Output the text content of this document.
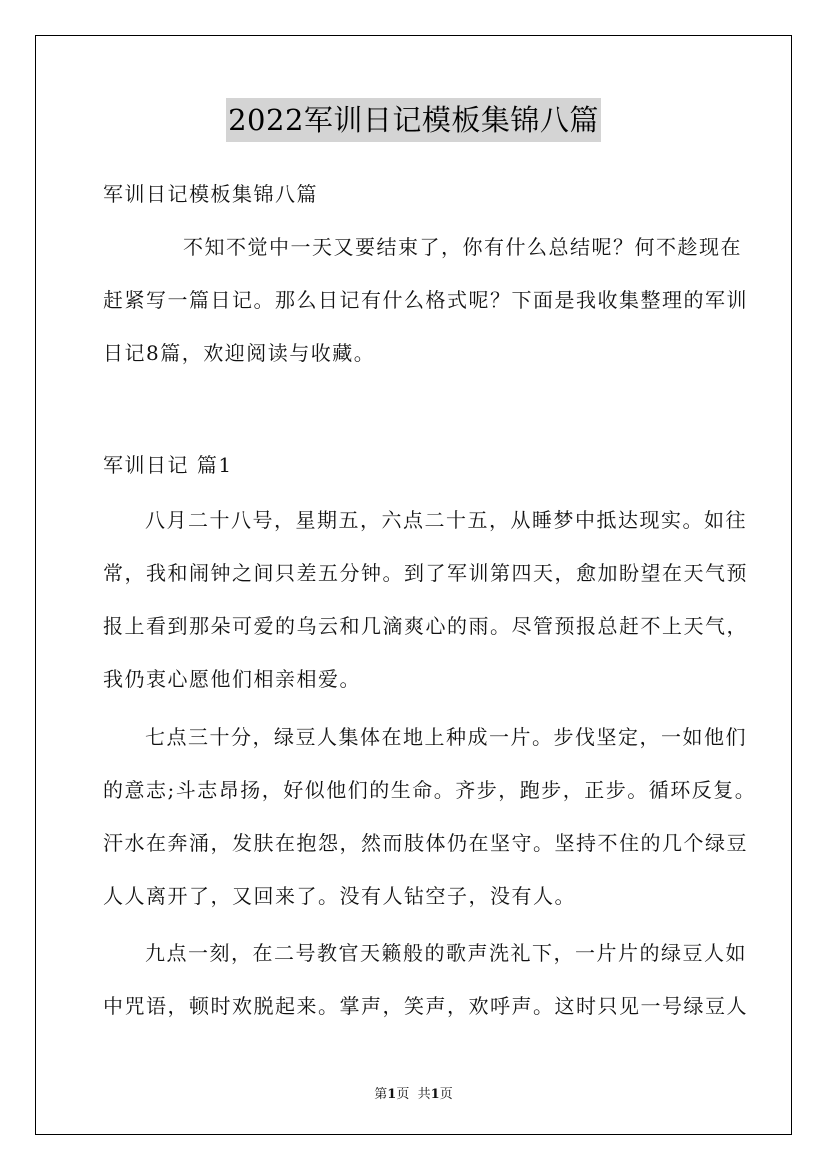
2022军训日记模板集锦八篇
军训日记模板集锦八篇
不知不觉中一天又要结束了，你有什么总结呢？何不趁现在
赶紧写一篇日记。那么日记有什么格式呢？下面是我收集整理的军训
日记8篇，欢迎阅读与收藏。
军训日记 篇1
八月二十八号，星期五，六点二十五，从睡梦中抵达现实。如往
常，我和闹钟之间只差五分钟。到了军训第四天，愈加盼望在天气预
报上看到那朵可爱的乌云和几滴爽心的雨。尽管预报总赶不上天气，
我仍衷心愿他们相亲相爱。
七点三十分，绿豆人集体在地上种成一片。步伐坚定，一如他们
的意志;斗志昂扬，好似他们的生命。齐步，跑步，正步。循环反复。
汗水在奔涌，发肤在抱怨，然而肢体仍在坚守。坚持不住的几个绿豆
人人离开了，又回来了。没有人钻空子，没有人。
九点一刻，在二号教官天籁般的歌声洗礼下，一片片的绿豆人如
中咒语，顿时欢脱起来。掌声，笑声，欢呼声。这时只见一号绿豆人
第1页 共1页
